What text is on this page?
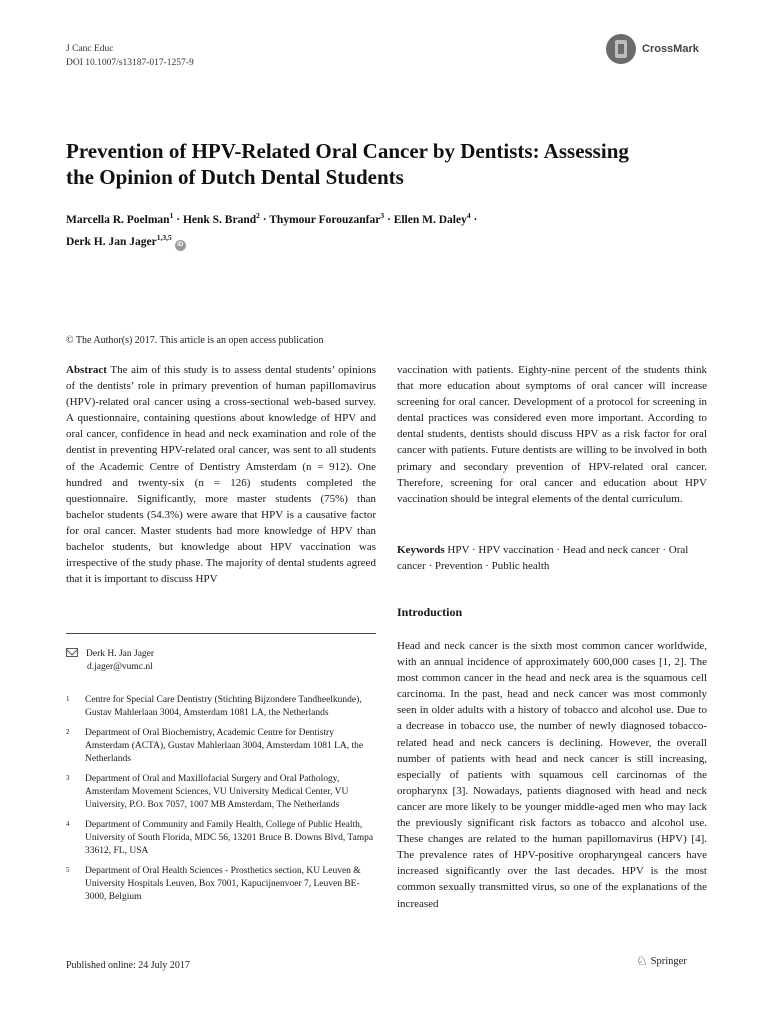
J Canc Educ
DOI 10.1007/s13187-017-1257-9
CrossMark
Prevention of HPV-Related Oral Cancer by Dentists: Assessing
the Opinion of Dutch Dental Students
Marcella R. Poelman$^1$ · Henk S. Brand$^2$ · Thymour Forouzanfar$^3$ · Ellen M. Daley$^4$ ·
Derk H. Jan Jager$^{1,3,5}$iD
© The Author(s) 2017. This article is an open access publication
Abstract The aim of this study is to assess dental students’ opinions of the dentists’ role in primary prevention of human papillomavirus (HPV)-related oral cancer using a cross-sectional web-based survey. A questionnaire, containing questions about knowledge of HPV and oral cancer, confidence in head and neck examination and role of the dentist in preventing HPV-related oral cancer, was sent to all students of the Academic Centre of Dentistry Amsterdam (n = 912). One hundred and twenty-six (n = 126) students completed the questionnaire. Significantly, more master students (75%) than bachelor students (54.3%) were aware that HPV is a causative factor for oral cancer. Master students had more knowledge of HPV than bachelor students, but knowledge about HPV vaccination was irrespective of the study phase. The majority of dental students agreed that it is important to discuss HPV
vaccination with patients. Eighty-nine percent of the students think that more education about symptoms of oral cancer will increase screening for oral cancer. Development of a protocol for screening in dental practices was considered even more important. According to dental students, dentists should discuss HPV as a risk factor for oral cancer with patients. Future dentists are willing to be involved in both primary and secondary prevention of HPV-related oral cancer. Therefore, screening for oral cancer and education about HPV vaccination should be integral elements of the dental curriculum.
Keywords HPV · HPV vaccination · Head and neck cancer · Oral cancer · Prevention · Public health
Introduction
Head and neck cancer is the sixth most common cancer worldwide, with an annual incidence of approximately 600,000 cases [1, 2]. The most common cancer in the head and neck area is the squamous cell carcinoma. In the past, head and neck cancer was most commonly seen in older adults with a history of tobacco and alcohol use. Due to a decrease in tobacco use, the number of newly diagnosed tobacco-related head and neck cancers is declining. However, the overall number of patients with head and neck cancer is still increasing, especially of patients with squamous cell carcinomas of the oropharynx [3]. Nowadays, patients diagnosed with head and neck cancer are more likely to be younger middle-aged men who may lack the previously significant risk factors as tobacco and alcohol use. These changes are related to the human papillomavirus (HPV) [4]. The prevalence rates of HPV-positive oropharyngeal cancers have increased significantly over the last decades. HPV is the most common sexually transmitted virus, so one of the explanations of the increased
Derk H. Jan Jager
d.jager@vumc.nl
1	Centre for Special Care Dentistry (Stichting Bijzondere Tandheelkunde), Gustav Mahlerlaan 3004, Amsterdam 1081 LA, the Netherlands
2	Department of Oral Biochemistry, Academic Centre for Dentistry Amsterdam (ACTA), Gustav Mahlerlaan 3004, Amsterdam 1081 LA, the Netherlands
3	Department of Oral and Maxillofacial Surgery and Oral Pathology, Amsterdam Movement Sciences, VU University Medical Center, VU University, P.O. Box 7057, 1007 MB Amsterdam, The Netherlands
4	Department of Community and Family Health, College of Public Health, University of South Florida, MDC 56, 13201 Bruce B. Downs Blvd, Tampa 33612, FL, USA
5	Department of Oral Health Sciences - Prosthetics section, KU Leuven & University Hospitals Leuven, Box 7001, Kapucijnenvoer 7, Leuven BE-3000, Belgium
Published online: 24 July 2017	♘ Springer
